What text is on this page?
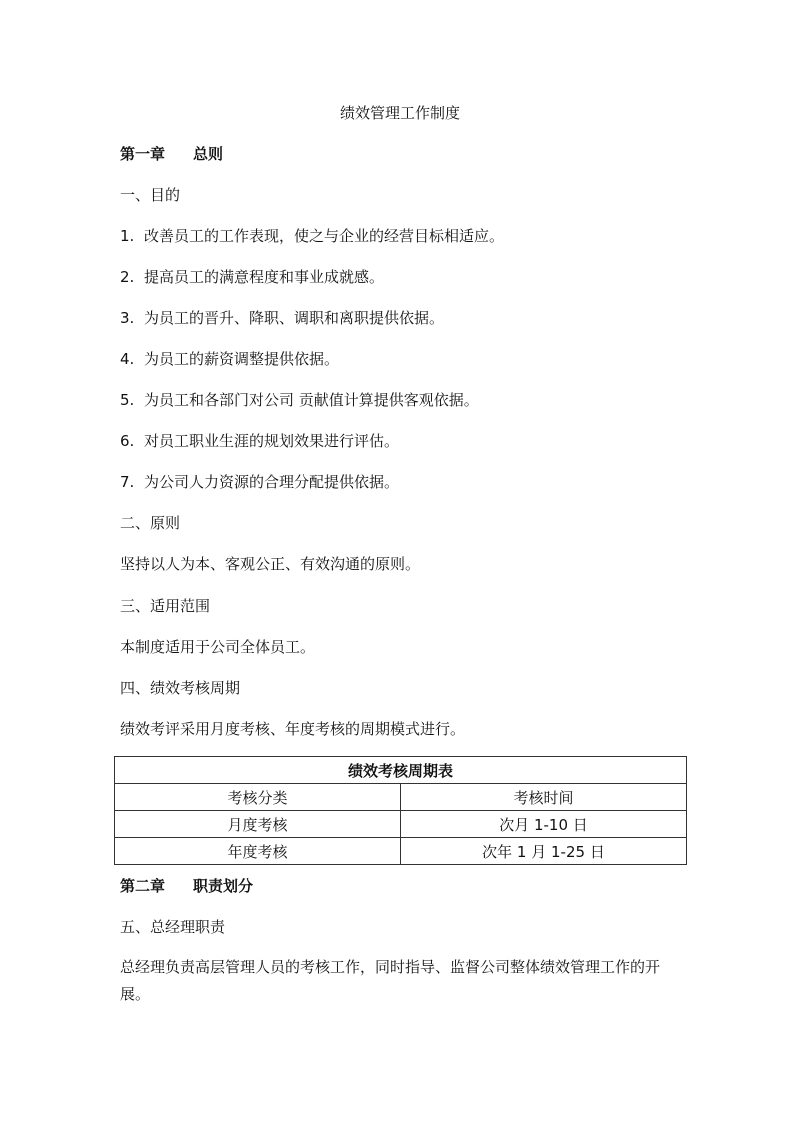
绩效管理工作制度
第一章 总则
一、目的
1. 改善员工的工作表现，使之与企业的经营目标相适应。
2. 提高员工的满意程度和事业成就感。
3. 为员工的晋升、降职、调职和离职提供依据。
4. 为员工的薪资调整提供依据。
5. 为员工和各部门对公司 贡献值计算提供客观依据。
6. 对员工职业生涯的规划效果进行评估。
7. 为公司人力资源的合理分配提供依据。
二、原则
坚持以人为本、客观公正、有效沟通的原则。
三、适用范围
本制度适用于公司全体员工。
四、绩效考核周期
绩效考评采用月度考核、年度考核的周期模式进行。
绩效考核周期表	
考核分类	考核时间
月度考核	次月 1-10 日
年度考核	次年 1 月 1-25 日
第二章 职责划分
五、总经理职责
总经理负责高层管理人员的考核工作，同时指导、监督公司整体绩效管理工作的开展。
